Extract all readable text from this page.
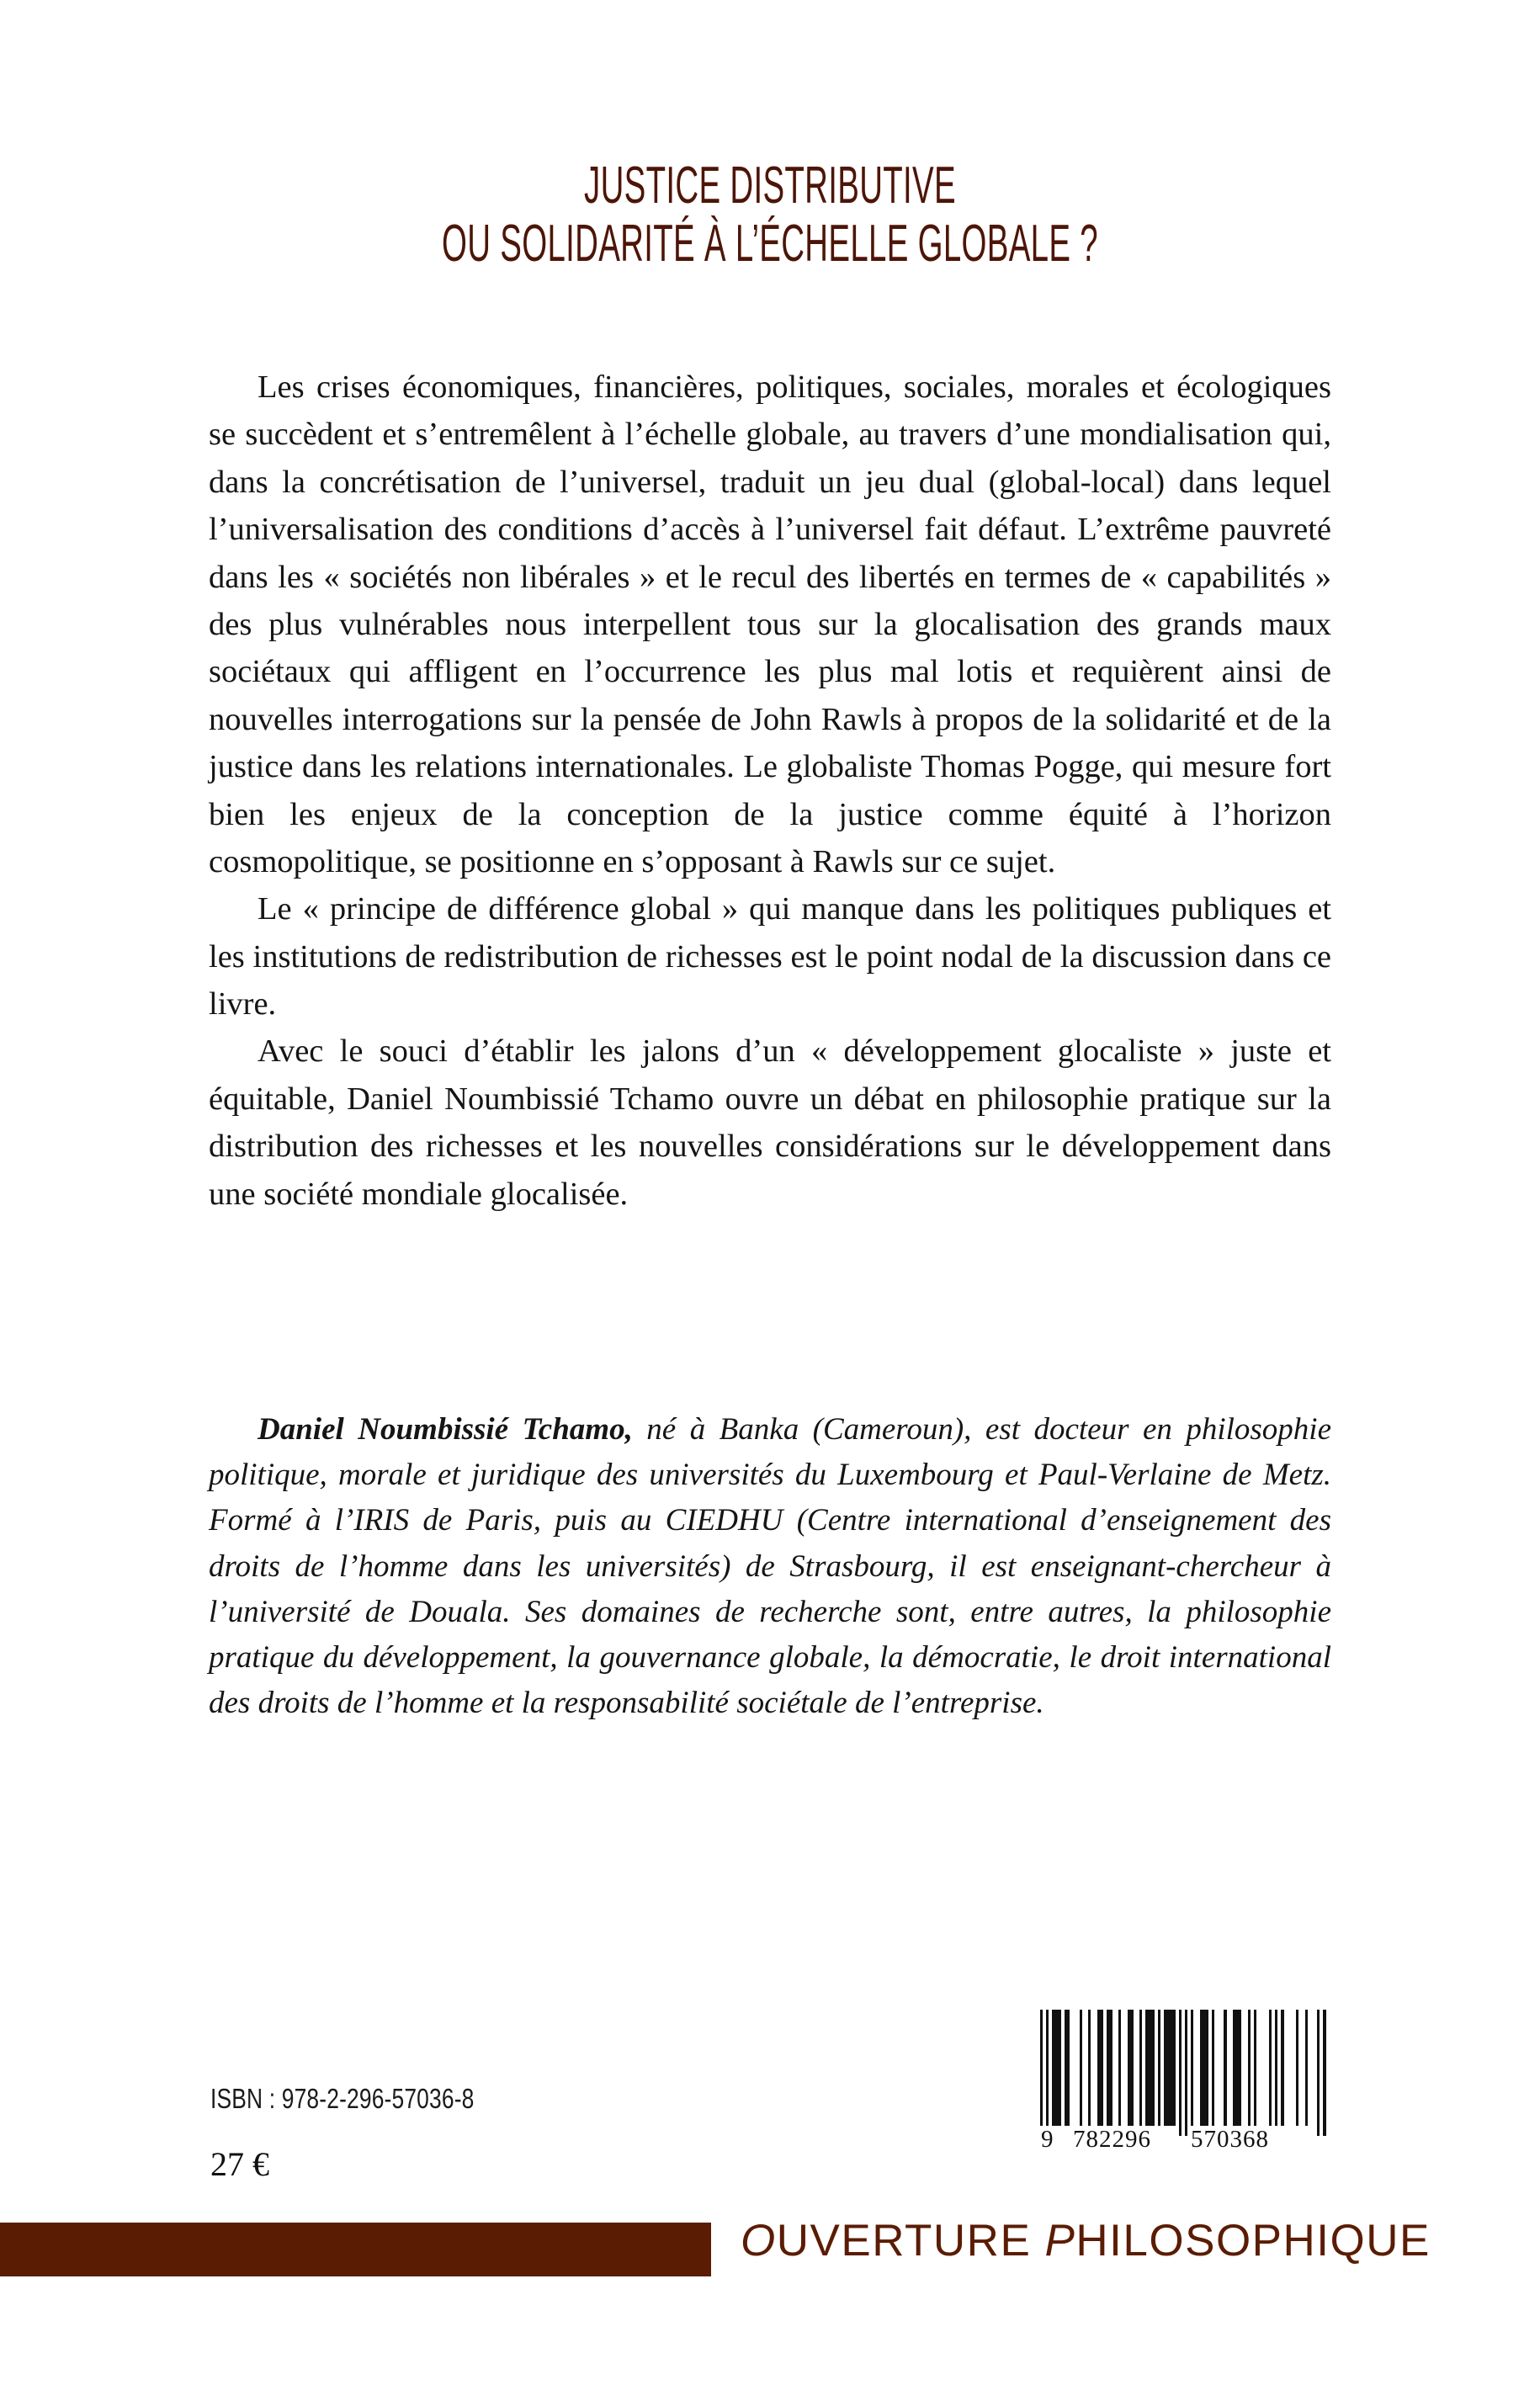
JUSTICE DISTRIBUTIVE
OU SOLIDARITÉ À L’ÉCHELLE GLOBALE ?

Les crises économiques, financières, politiques, sociales, morales et écologiques se succèdent et s’entremêlent à l’échelle globale, au travers d’une mondialisation qui, dans la concrétisation de l’universel, traduit un jeu dual (global-local) dans lequel l’universalisation des conditions d’accès à l’universel fait défaut. L’extrême pauvreté dans les « sociétés non libérales » et le recul des libertés en termes de « capabilités » des plus vulnérables nous interpellent tous sur la glocalisation des grands maux sociétaux qui affligent en l’occurrence les plus mal lotis et requièrent ainsi de nouvelles interrogations sur la pensée de John Rawls à propos de la solidarité et de la justice dans les relations internationales. Le globaliste Thomas Pogge, qui mesure fort bien les enjeux de la conception de la justice comme équité à l’horizon cosmopolitique, se positionne en s’opposant à Rawls sur ce sujet.

Le « principe de différence global » qui manque dans les politiques publiques et les institutions de redistribution de richesses est le point nodal de la discussion dans ce livre.

Avec le souci d’établir les jalons d’un « développement glocaliste » juste et équitable, Daniel Noumbissié Tchamo ouvre un débat en philosophie pratique sur la distribution des richesses et les nouvelles considérations sur le développement dans une société mondiale glocalisée.

Daniel Noumbissié Tchamo, né à Banka (Cameroun), est docteur en philosophie politique, morale et juridique des universités du Luxembourg et Paul-Verlaine de Metz. Formé à l’IRIS de Paris, puis au CIEDHU (Centre international d’enseignement des droits de l’homme dans les universités) de Strasbourg, il est enseignant-chercheur à l’université de Douala. Ses domaines de recherche sont, entre autres, la philosophie pratique du développement, la gouvernance globale, la démocratie, le droit international des droits de l’homme et la responsabilité sociétale de l’entreprise.

ISBN : 978-2-296-57036-8
27 €
9 782296 570368
OUVERTURE PHILOSOPHIQUE
